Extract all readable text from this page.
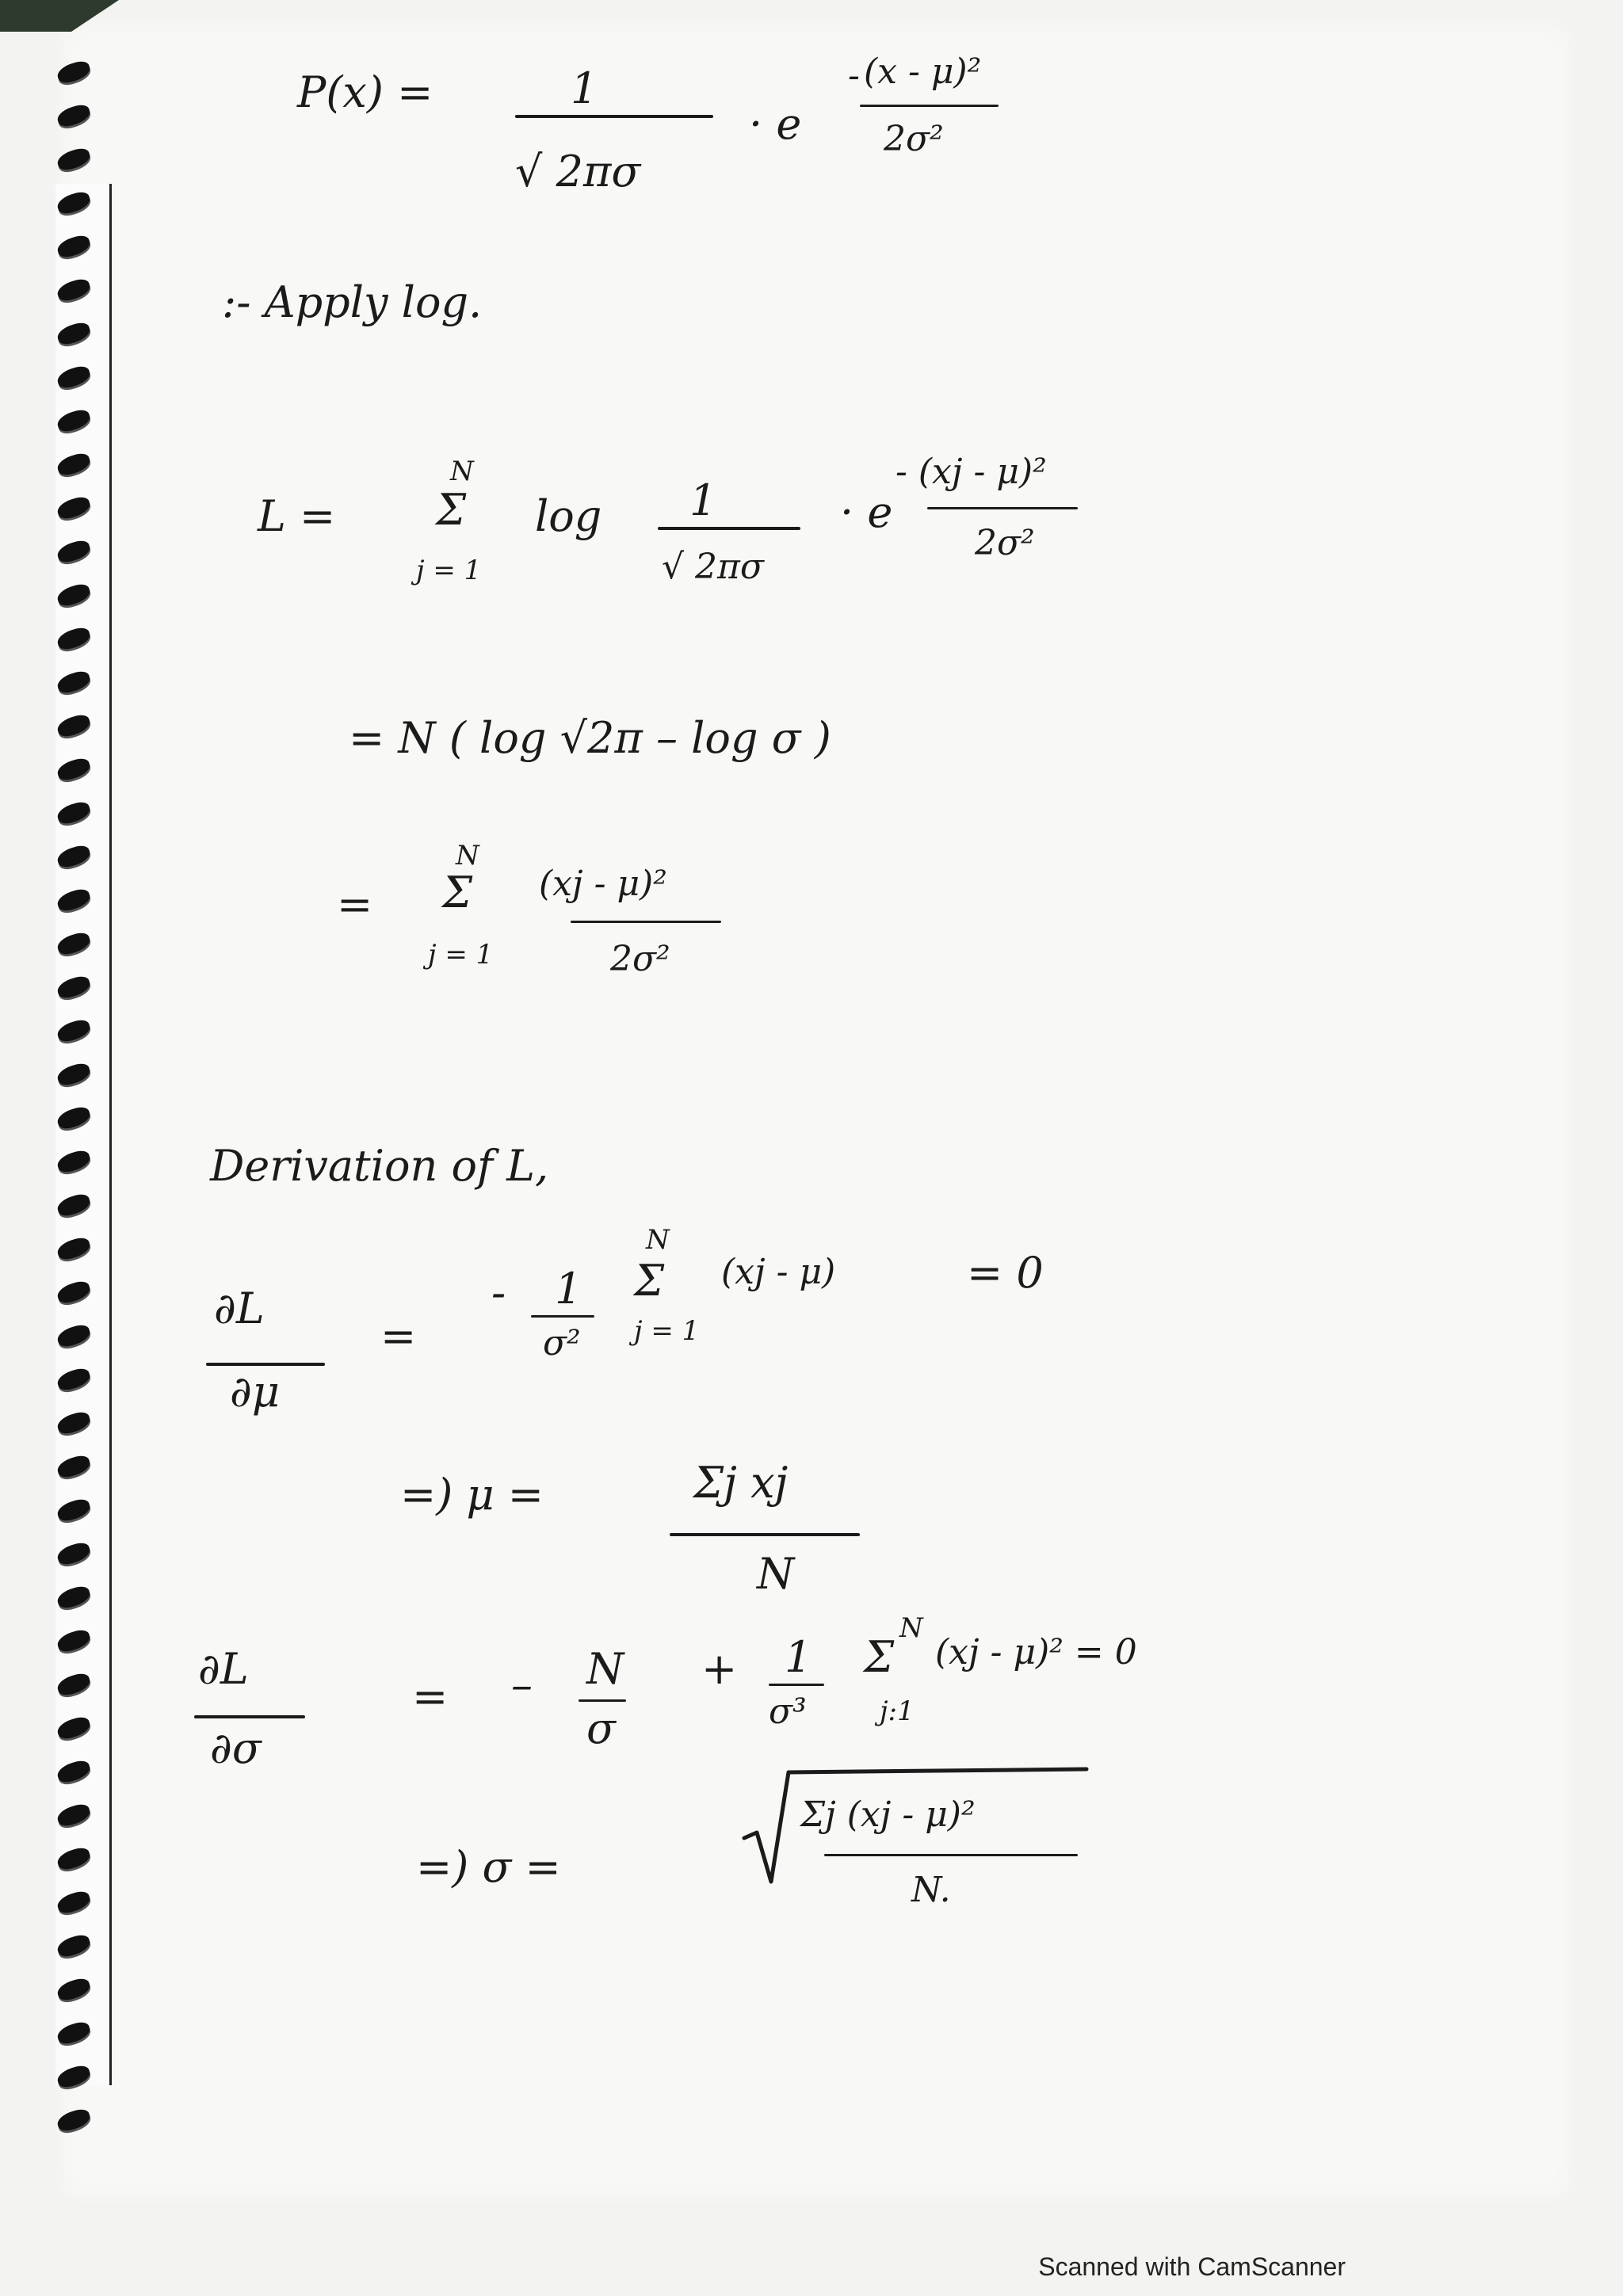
P(x) =	1
√ 2πσ
· e
- (x - μ)²
2σ²
:- Apply log.
L =
N
Σ
j = 1
log 1
√ 2πσ
· e
- (xj - μ)²
2σ²
= N ( log √2π – log σ )
=
N
Σ
j = 1
(xj - μ)²
2σ²
Derivation of L,
∂L
∂μ
=
- 1
σ²
N
Σ
j = 1
(xj - μ)	= 0
=) μ =	Σj xj
N
∂L
∂σ
= – N
σ
+ 1
σ³
N
Σ
j:1
(xj - μ)² = 0
=) σ =
Σj (xj - μ)²
N.
Scanned with CamScanner
